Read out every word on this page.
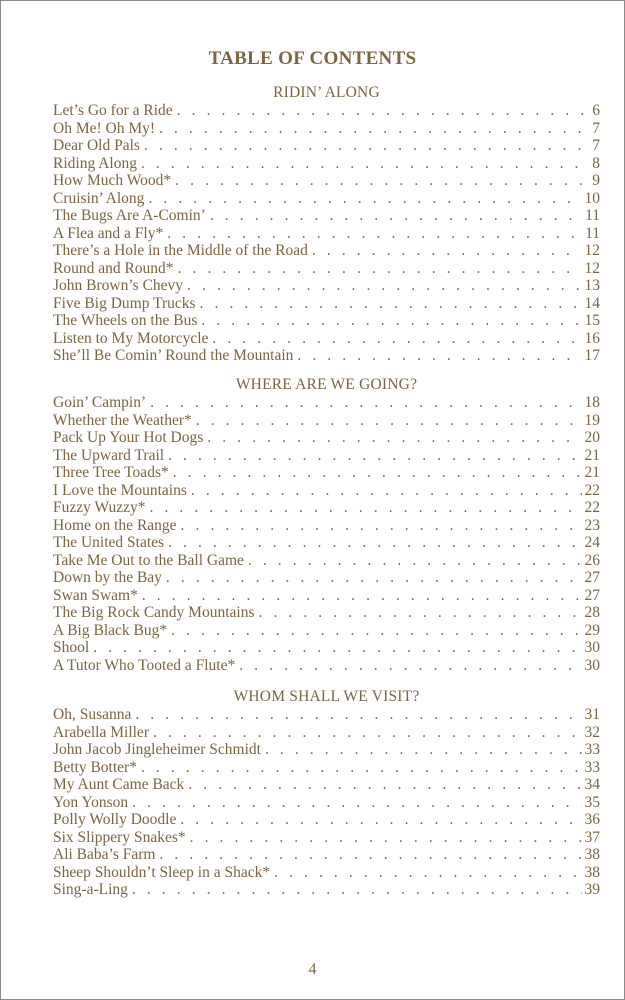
TABLE OF CONTENTS
RIDIN’ ALONG
Let’s Go for a Ride . . .	6
Oh Me! Oh My! . . .	7
Dear Old Pals . . .	7
Riding Along . . .	8
How Much Wood* . . .	9
Cruisin’ Along . . .	10
The Bugs Are A-Comin’ . . .	11
A Flea and a Fly* . . .	11
There’s a Hole in the Middle of the Road . . .	12
Round and Round* . . .	12
John Brown’s Chevy . . .	13
Five Big Dump Trucks . . .	14
The Wheels on the Bus . . .	15
Listen to My Motorcycle . . .	16
She’ll Be Comin’ Round the Mountain . . .	17
WHERE ARE WE GOING?
Goin’ Campin’ . . .	18
Whether the Weather* . . .	19
Pack Up Your Hot Dogs . . .	20
The Upward Trail . . .	21
Three Tree Toads* . . .	21
I Love the Mountains . . .	22
Fuzzy Wuzzy* . . .	22
Home on the Range . . .	23
The United States . . .	24
Take Me Out to the Ball Game . . .	26
Down by the Bay . . .	27
Swan Swam* . . .	27
The Big Rock Candy Mountains . . .	28
A Big Black Bug* . . .	29
Shool . . .	30
A Tutor Who Tooted a Flute* . . .	30
WHOM SHALL WE VISIT?
Oh, Susanna . . .	31
Arabella Miller . . .	32
John Jacob Jingleheimer Schmidt . . .	33
Betty Botter* . . .	33
My Aunt Came Back . . .	34
Yon Yonson . . .	35
Polly Wolly Doodle . . .	36
Six Slippery Snakes* . . .	37
Ali Baba’s Farm . . .	38
Sheep Shouldn’t Sleep in a Shack* . . .	38
Sing-a-Ling . . .	39
4
